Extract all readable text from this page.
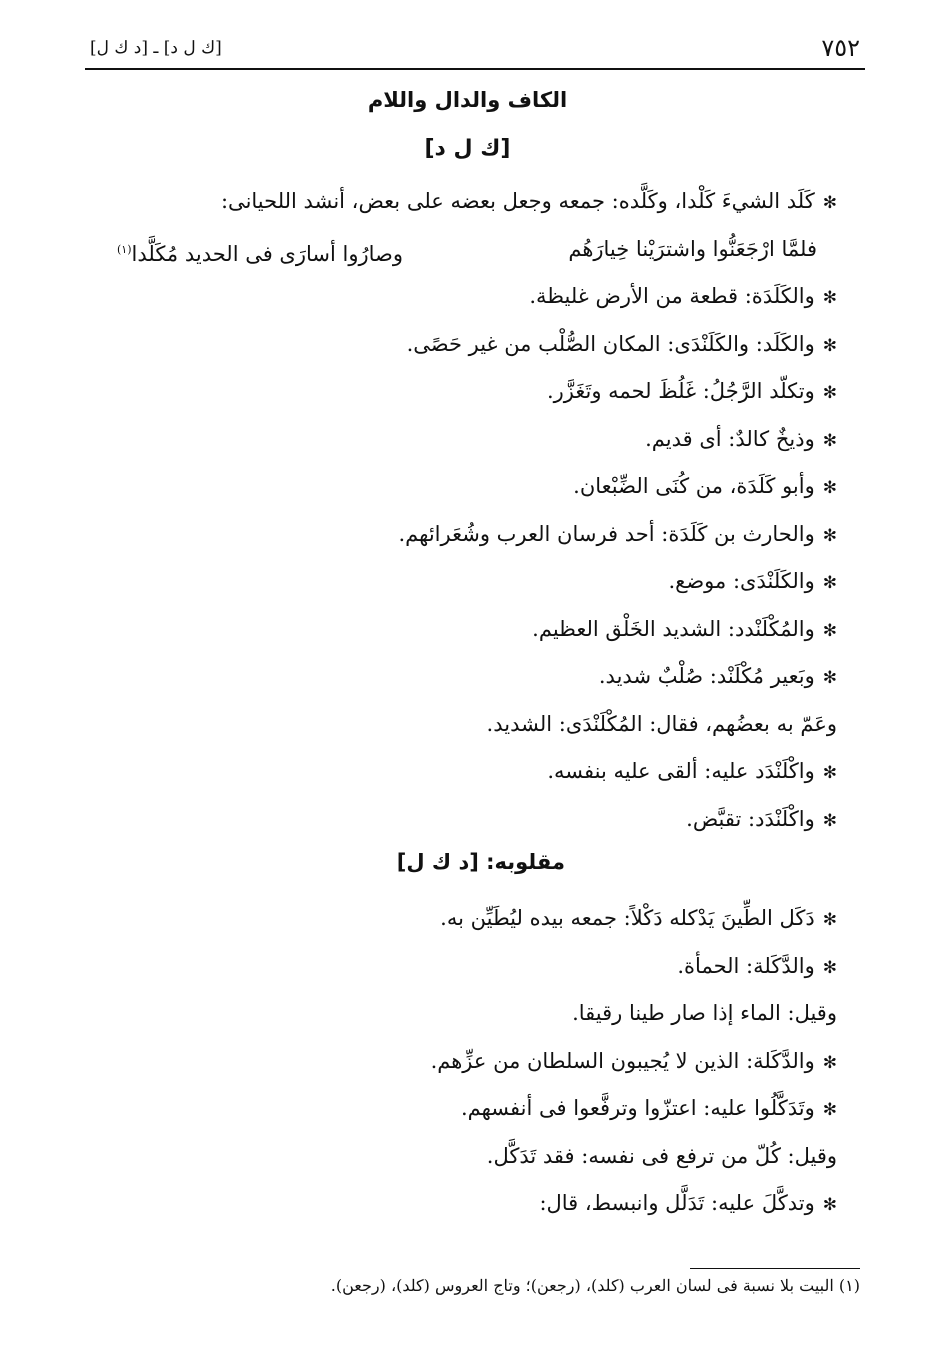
٧٥٢
[ك ل د] ـ [د ك ل]
الكاف والدال واللام
[ك ل د]
✻كَلَد الشيءَ كَلْدا، وكَلَّده: جمعه وجعل بعضه على بعض، أنشد اللحيانى:
✻والكَلَدَة: قطعة من الأرض غليظة.
✻والكَلَد: والكَلَنْدَى: المكان الصُّلْب من غير حَصًى.
✻وتكلّد الرَّجُلُ: غَلُظَ لحمه وتَغَزَّر.
✻وذيخٌ كالدٌ: أى قديم.
✻وأبو كَلَدَة، من كُنَى الضِّبْعان.
✻والحارث بن كَلَدَة: أحد فرسان العرب وشُعَرائهم.
✻والكَلَنْدَى: موضع.
✻والمُكْلَنْدد: الشديد الخَلْق العظيم.
✻وبَعير مُكْلَنْد: صُلْبٌ شديد.
وعَمّ به بعضُهم، فقال: المُكْلَنْدَى: الشديد.
✻واكْلَنْدَد عليه: ألقى عليه بنفسه.
✻واكْلَنْدَد: تقبَّض.
فلمَّا ارْجَعَنُّوا واشترَيْنا خِيارَهُم
وصارُوا أسارَى فى الحديد مُكَلَّدا$^{(١)}$
مقلوبه: [د ك ل]
✻دَكَل الطِّينَ يَدْكله دَكْلاً: جمعه بيده ليُطَيِّن به.
✻والدَّكَلة: الحمأة.
وقيل: الماء إذا صار طينا رقيقا.
✻والدَّكَلة: الذين لا يُجيبون السلطان من عزِّهم.
✻وتَدَكَّلُوا عليه: اعتزّوا وترفَّعوا فى أنفسهم.
وقيل: كُلّ من ترفع فى نفسه: فقد تَدَكَّل.
✻وتدكَّلَ عليه: تَدَلَّل وانبسط، قال:
(١) البيت بلا نسبة فى لسان العرب (كلد)، (رجعن)؛ وتاج العروس (كلد)، (رجعن).
